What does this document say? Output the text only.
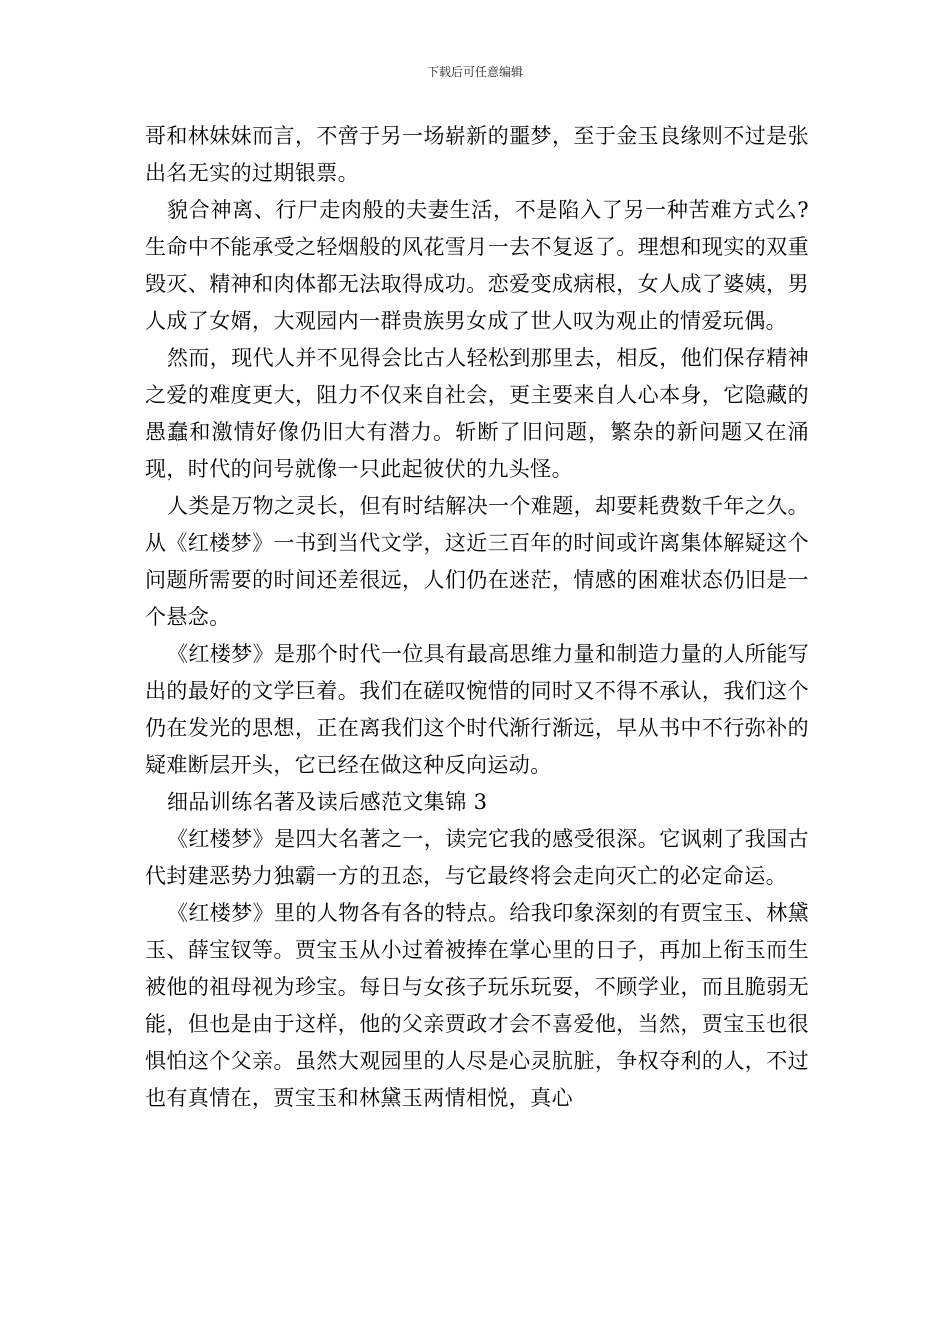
下载后可任意编辑

哥和林妹妹而言，不啻于另一场崭新的噩梦，至于金玉良缘则不过是张出名无实的过期银票。

貌合神离、行尸走肉般的夫妻生活，不是陷入了另一种苦难方式么?生命中不能承受之轻烟般的风花雪月一去不复返了。理想和现实的双重毁灭、精神和肉体都无法取得成功。恋爱变成病根，女人成了婆姨，男人成了女婿，大观园内一群贵族男女成了世人叹为观止的情爱玩偶。

然而，现代人并不见得会比古人轻松到那里去，相反，他们保存精神之爱的难度更大，阻力不仅来自社会，更主要来自人心本身，它隐藏的愚蠢和激情好像仍旧大有潜力。斩断了旧问题，繁杂的新问题又在涌现，时代的问号就像一只此起彼伏的九头怪。

人类是万物之灵长，但有时结解决一个难题，却要耗费数千年之久。从《红楼梦》一书到当代文学，这近三百年的时间或许离集体解疑这个问题所需要的时间还差很远，人们仍在迷茫，情感的困难状态仍旧是一个悬念。

《红楼梦》是那个时代一位具有最高思维力量和制造力量的人所能写出的最好的文学巨着。我们在磋叹惋惜的同时又不得不承认，我们这个仍在发光的思想，正在离我们这个时代渐行渐远，早从书中不行弥补的疑难断层开头，它已经在做这种反向运动。

细品训练名著及读后感范文集锦 3

《红楼梦》是四大名著之一，读完它我的感受很深。它讽刺了我国古代封建恶势力独霸一方的丑态，与它最终将会走向灭亡的必定命运。

《红楼梦》里的人物各有各的特点。给我印象深刻的有贾宝玉、林黛玉、薛宝钗等。贾宝玉从小过着被捧在掌心里的日子，再加上衔玉而生被他的祖母视为珍宝。每日与女孩子玩乐玩耍，不顾学业，而且脆弱无能，但也是由于这样，他的父亲贾政才会不喜爱他，当然，贾宝玉也很惧怕这个父亲。虽然大观园里的人尽是心灵肮脏，争权夺利的人，不过也有真情在，贾宝玉和林黛玉两情相悦，真心
